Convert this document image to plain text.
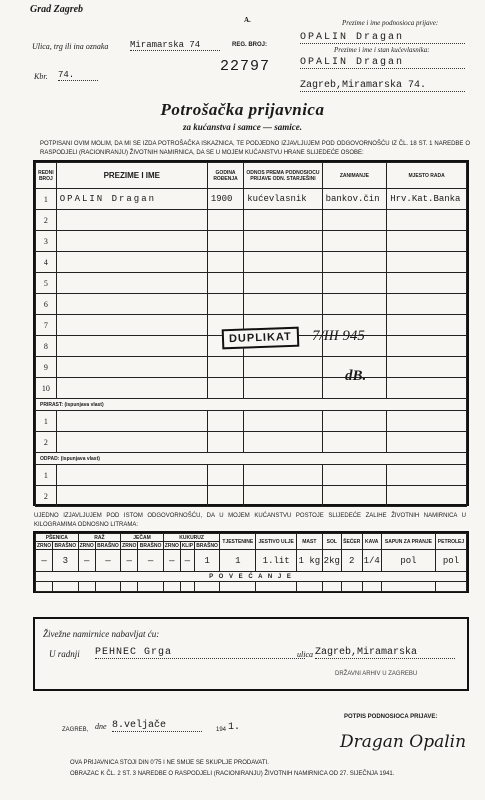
Grad Zagreb
A.
Ulica, trg ili ina oznaka Miramarska 74
Kbr. 74.
REG. BROJ:
22797
Prezime i ime podnosioca prijave:
OPALIN Dragan
Prezime i ime i stan kućevlasnika:
OPALIN Dragan
Zagreb,Miramarska 74.
Potrošačka prijavnica
za kućanstva i samce — samice.
POTPISANI OVIM MOLIM, DA MI SE IZDA POTROŠAČKA ISKAZNICA, TE PODJEDNO IZJAVLJUJEM POD ODGOVORNOŠĆU IZ ČL. 18 ST. 1 NAREDBE O RASPODJELI (RACIONIRANJU) ŽIVOTNIH NAMIRNICA, DA SE U MOJEM KUĆANSTVU HRANE SLIJEDEĆE OSOBE:
REDNI BROJ	PREZIME I IME	GODINA ROĐENJA	ODNOS PREMA PODNOSIOCU PRIJAVE ODN. STARJEŠINI	ZANIMANJE	MJESTO RADA
1	OPALIN Dragan	1900	kućevlasnik	bankov.čin	Hrv.Kat.Banka
2					
3					
4					
5					
6					
7					
8					
9					
10					
PRIRAST: (ispunjava vlast)					
1					
2					
ODPAD: (ispunjava vlast)					
1					
2					
DUPLIKAT	7/III 945
dB.
UJEDNO IZJAVLJUJEM POD ISTOM ODGOVORNOŠĆU, DA U MOJEM KUĆANSTVU POSTOJE SLIJEDEĆE ZALIHE ŽIVOTNIH NAMIRNICA U KILOGRAMIMA ODNOSNO LITRAMA:
PŠENICA		RAŽ		JEČAM		KUKURUZ			TJESTENINE	JESTIVO ULJE	MAST	SOL	ŠEĆER	KAVA	SAPUN ZA PRANJE	PETROLEJ
ZRNO	BRAŠNO	ZRNO	BRAŠNO	ZRNO	BRAŠNO	ZRNO	KLIP	BRAŠNO								
—	3	—	—	—	—	—	—	1	1	1.lit	1 kg	2kg	2	1/4	pol	pol
P O V E Ć A N J E																

Živežne namirnice nabavljat ću:
U radnji PEHNEC Grga	ulica Zagreb,Miramarska
DRŽAVNI ARHIV U ZAGREBU
ZAGREB, dne 8.veljače	194 1.
POTPIS PODNOSIOCA PRIJAVE:
Dragan Opalin
OVA PRIJAVNICA STOJI DIN 0'75 I NE SMIJE SE SKUPLJE PRODAVATI.
OBRAZAC K ČL. 2 ST. 3 NAREDBE O RASPODJELI (RACIONIRANJU) ŽIVOTNIH NAMIRNICA OD 27. SIJEČNJA 1941.
